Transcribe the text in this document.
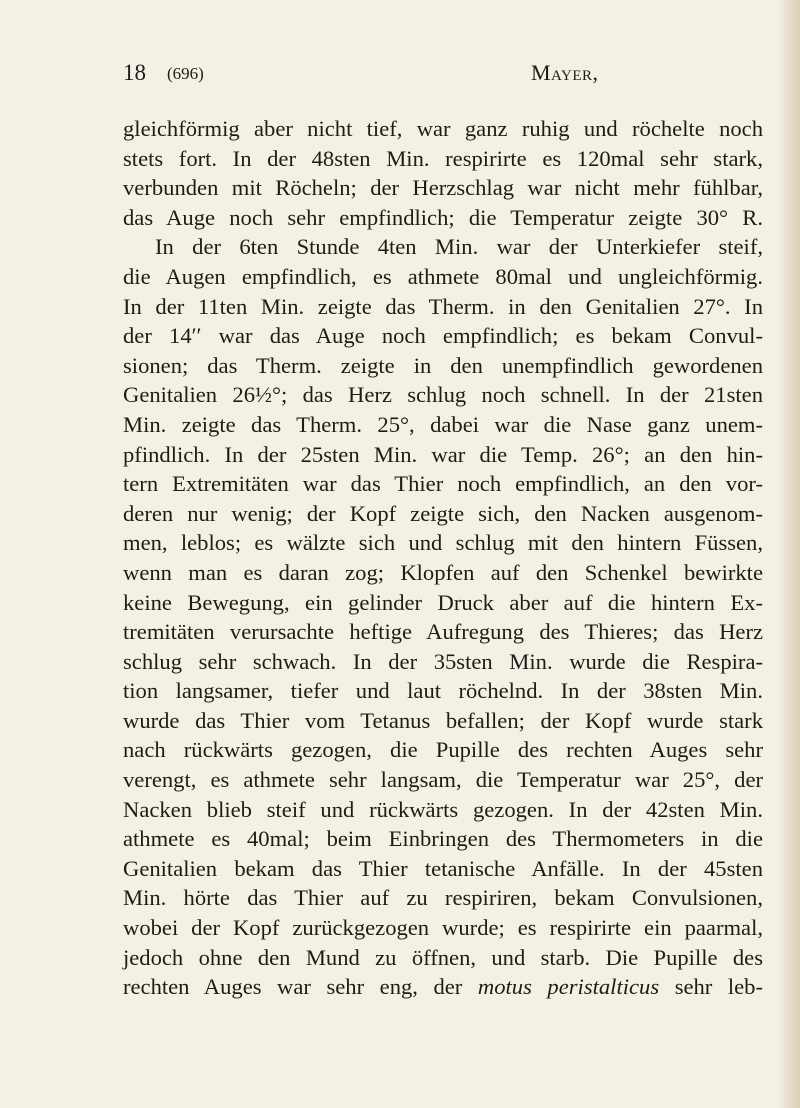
18 (696)	Mayer,
gleichförmig aber nicht tief, war ganz ruhig und röchelte noch
stets fort. In der 48sten Min. respirirte es 120mal sehr stark,
verbunden mit Röcheln; der Herzschlag war nicht mehr fühlbar,
das Auge noch sehr empfindlich; die Temperatur zeigte 30° R.
In der 6ten Stunde 4ten Min. war der Unterkiefer steif,
die Augen empfindlich, es athmete 80mal und ungleichförmig.
In der 11ten Min. zeigte das Therm. in den Genitalien 27°. In
der 14′′ war das Auge noch empfindlich; es bekam Convul-
sionen; das Therm. zeigte in den unempfindlich gewordenen
Genitalien 26½°; das Herz schlug noch schnell. In der 21sten
Min. zeigte das Therm. 25°, dabei war die Nase ganz unem-
pfindlich. In der 25sten Min. war die Temp. 26°; an den hin-
tern Extremitäten war das Thier noch empfindlich, an den vor-
deren nur wenig; der Kopf zeigte sich, den Nacken ausgenom-
men, leblos; es wälzte sich und schlug mit den hintern Füssen,
wenn man es daran zog; Klopfen auf den Schenkel bewirkte
keine Bewegung, ein gelinder Druck aber auf die hintern Ex-
tremitäten verursachte heftige Aufregung des Thieres; das Herz
schlug sehr schwach. In der 35sten Min. wurde die Respira-
tion langsamer, tiefer und laut röchelnd. In der 38sten Min.
wurde das Thier vom Tetanus befallen; der Kopf wurde stark
nach rückwärts gezogen, die Pupille des rechten Auges sehr
verengt, es athmete sehr langsam, die Temperatur war 25°, der
Nacken blieb steif und rückwärts gezogen. In der 42sten Min.
athmete es 40mal; beim Einbringen des Thermometers in die
Genitalien bekam das Thier tetanische Anfälle. In der 45sten
Min. hörte das Thier auf zu respiriren, bekam Convulsionen,
wobei der Kopf zurückgezogen wurde; es respirirte ein paarmal,
jedoch ohne den Mund zu öffnen, und starb. Die Pupille des
rechten Auges war sehr eng, der motus peristalticus sehr leb-
